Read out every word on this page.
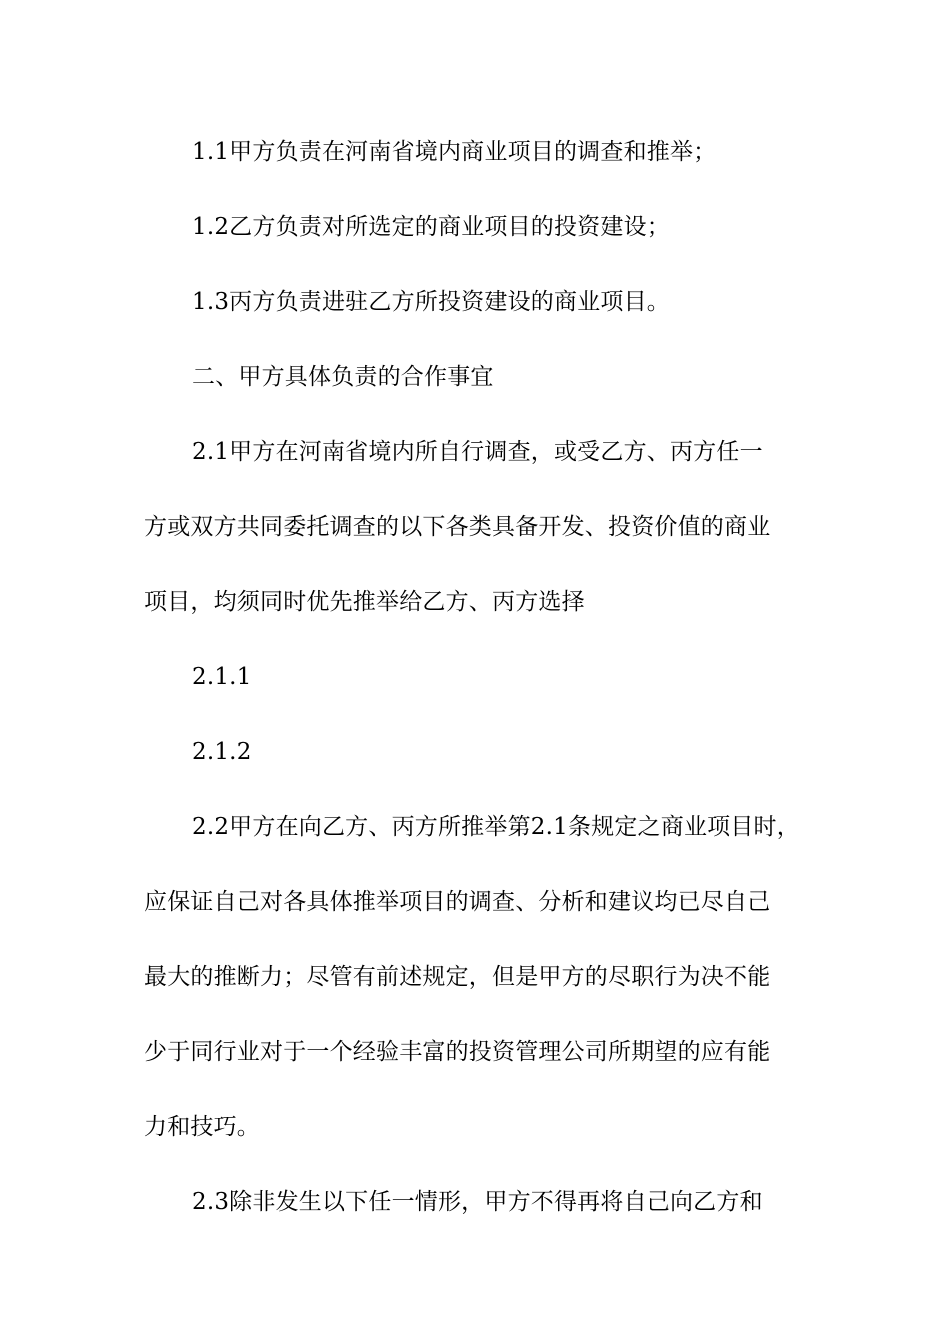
1.1甲方负责在河南省境内商业项目的调查和推举；
1.2乙方负责对所选定的商业项目的投资建设；
1.3丙方负责进驻乙方所投资建设的商业项目。
二、甲方具体负责的合作事宜
2.1甲方在河南省境内所自行调查，或受乙方、丙方任一
方或双方共同委托调查的以下各类具备开发、投资价值的商业
项目，均须同时优先推举给乙方、丙方选择
2.1.1
2.1.2
2.2甲方在向乙方、丙方所推举第2.1条规定之商业项目时，
应保证自己对各具体推举项目的调查、分析和建议均已尽自己
最大的推断力；尽管有前述规定，但是甲方的尽职行为决不能
少于同行业对于一个经验丰富的投资管理公司所期望的应有能
力和技巧。
2.3除非发生以下任一情形，甲方不得再将自己向乙方和
